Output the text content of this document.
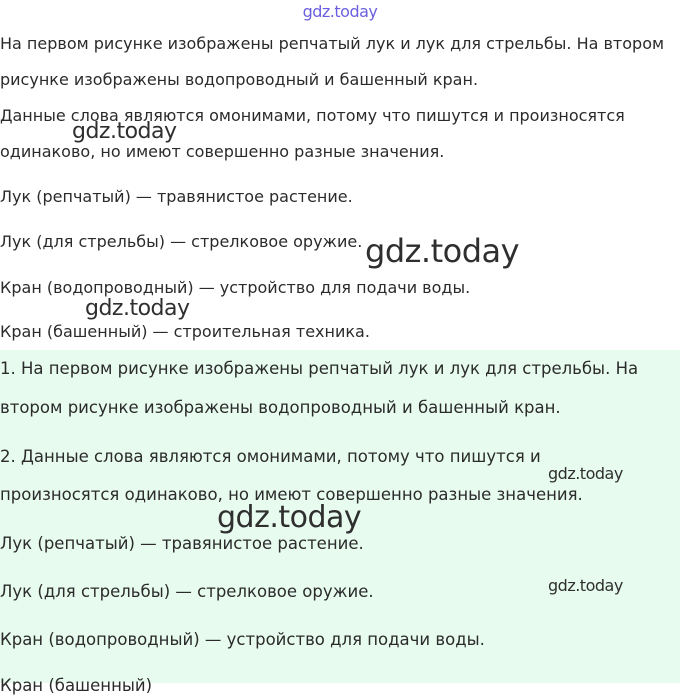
gdz.today

На первом рисунке изображены репчатый лук и лук для стрельбы. На втором

рисунке изображены водопроводный и башенный кран.

Данные слова являются омонимами, потому что пишутся и произносятся

одинаково, но имеют совершенно разные значения.

Лук (репчатый) — травянистое растение.

Лук (для стрельбы) — стрелковое оружие.

Кран (водопроводный) — устройство для подачи воды.

Кран (башенный) — строительная техника.

1. На первом рисунке изображены репчатый лук и лук для стрельбы. На

втором рисунке изображены водопроводный и башенный кран.

2. Данные слова являются омонимами, потому что пишутся и

произносятся одинаково, но имеют совершенно разные значения.

Лук (репчатый) — травянистое растение.

Лук (для стрельбы) — стрелковое оружие.

Кран (водопроводный) — устройство для подачи воды.

Кран (башенный)

gdz.today
gdz.today
gdz.today
gdz.today
gdz.today
gdz.today
